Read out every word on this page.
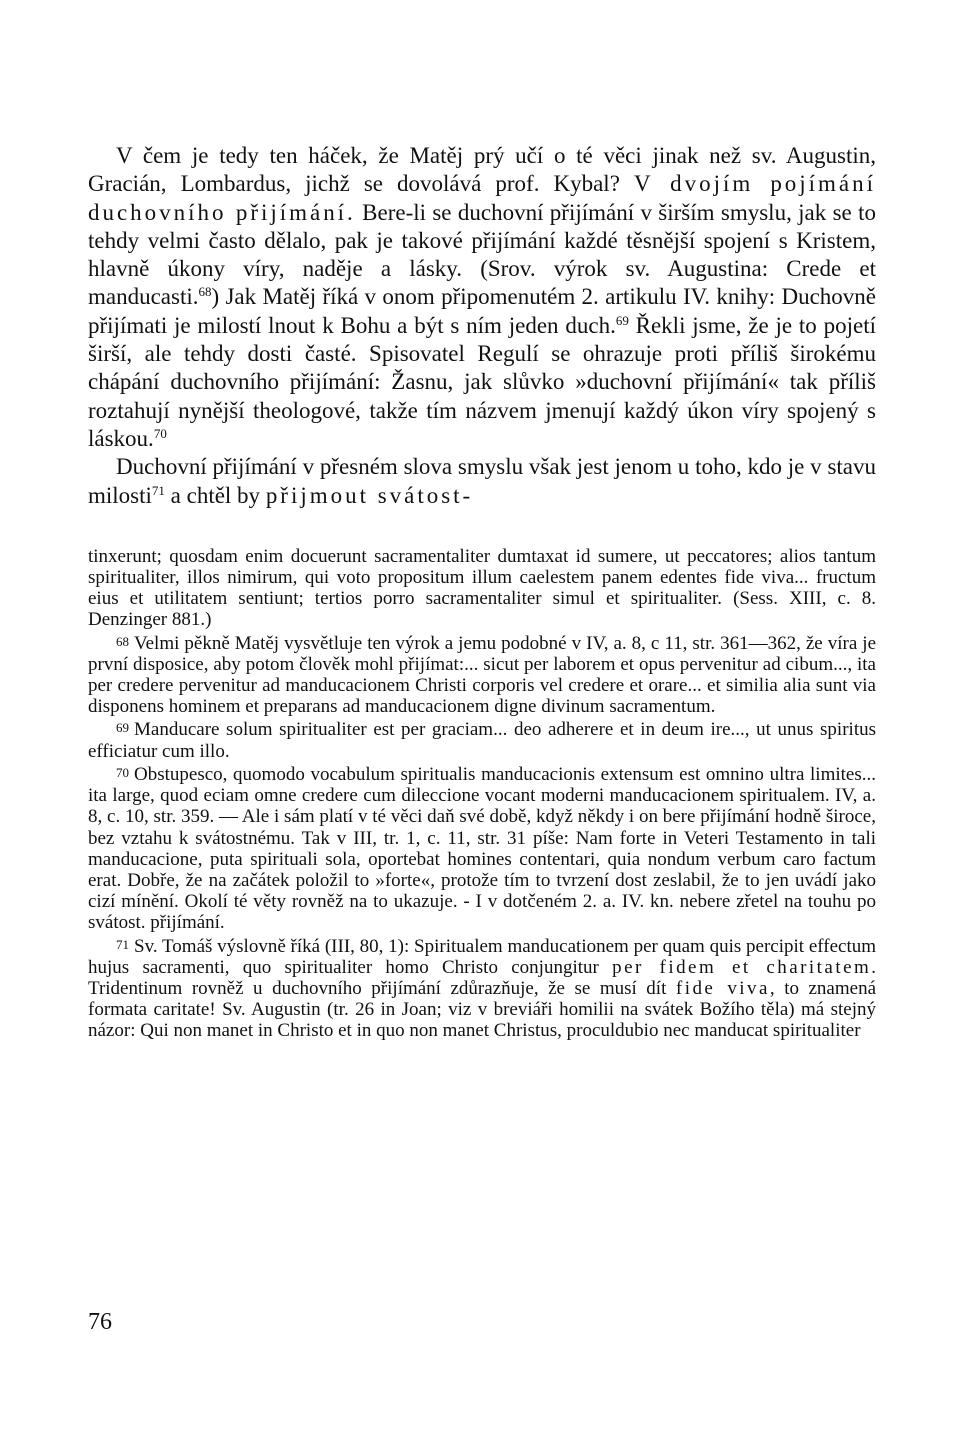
V čem je tedy ten háček, že Matěj prý učí o té věci jinak než sv. Augustin, Gracián, Lombardus, jichž se dovolává prof. Kybal? V dvojím pojímání duchovního přijímání. Bere-li se duchovní přijímání v širším smyslu, jak se to tehdy velmi často dělalo, pak je takové přijímání každé těsnější spojení s Kristem, hlavně úkony víry, naděje a lásky. (Srov. výrok sv. Augustina: Crede et manducasti.$^{68}$) Jak Matěj říká v onom připomenutém 2. artikulu IV. knihy: Duchovně přijímati je milostí lnout k Bohu a být s ním jeden duch.$^{69}$ Řekli jsme, že je to pojetí širší, ale tehdy dosti časté. Spisovatel Regulí se ohrazuje proti příliš širokému chápání duchovního přijímání: Žasnu, jak slůvko »duchovní přijímání« tak příliš roztahují nynější theologové, takže tím názvem jmenují každý úkon víry spojený s láskou.$^{70}$

Duchovní přijímání v přesném slova smyslu však jest jenom u toho, kdo je v stavu milosti$^{71}$ a chtěl by přijmout svátost-

tinxerunt; quosdam enim docuerunt sacramentaliter dumtaxat id sumere, ut peccatores; alios tantum spiritualiter, illos nimirum, qui voto propositum illum caelestem panem edentes fide viva... fructum eius et utilitatem sentiunt; tertios porro sacramentaliter simul et spiritualiter. (Sess. XIII, c. 8. Denzinger 881.)

68 Velmi pěkně Matěj vysvětluje ten výrok a jemu podobné v IV, a. 8, c 11, str. 361—362, že víra je první disposice, aby potom člověk mohl přijímat:... sicut per laborem et opus pervenitur ad cibum..., ita per credere pervenitur ad manducacionem Christi corporis vel credere et orare... et similia alia sunt via disponens hominem et preparans ad manducacionem digne divinum sacramentum.

69 Manducare solum spiritualiter est per graciam... deo adherere et in deum ire..., ut unus spiritus efficiatur cum illo.

70 Obstupesco, quomodo vocabulum spiritualis manducacionis extensum est omnino ultra limites... ita large, quod eciam omne credere cum dileccione vocant moderni manducacionem spiritualem. IV, a. 8, c. 10, str. 359. — Ale i sám platí v té věci daň své době, když někdy i on bere přijímání hodně široce, bez vztahu k svátostnému. Tak v III, tr. 1, c. 11, str. 31 píše: Nam forte in Veteri Testamento in tali manducacione, puta spirituali sola, oportebat homines contentari, quia nondum verbum caro factum erat. Dobře, že na začátek položil to »forte«, protože tím to tvrzení dost zeslabil, že to jen uvádí jako cizí mínění. Okolí té věty rovněž na to ukazuje. - I v dotčeném 2. a. IV. kn. nebere zřetel na touhu po svátost. přijímání.

71 Sv. Tomáš výslovně říká (III, 80, 1): Spiritualem manducationem per quam quis percipit effectum hujus sacramenti, quo spiritualiter homo Christo conjungitur per fidem et charitatem. Tridentinum rovněž u duchovního přijímání zdůrazňuje, že se musí dít fide viva, to znamená formata caritate! Sv. Augustin (tr. 26 in Joan; viz v breviáři homilii na svátek Božího těla) má stejný názor: Qui non manet in Christo et in quo non manet Christus, proculdubio nec manducat spiritualiter

76
